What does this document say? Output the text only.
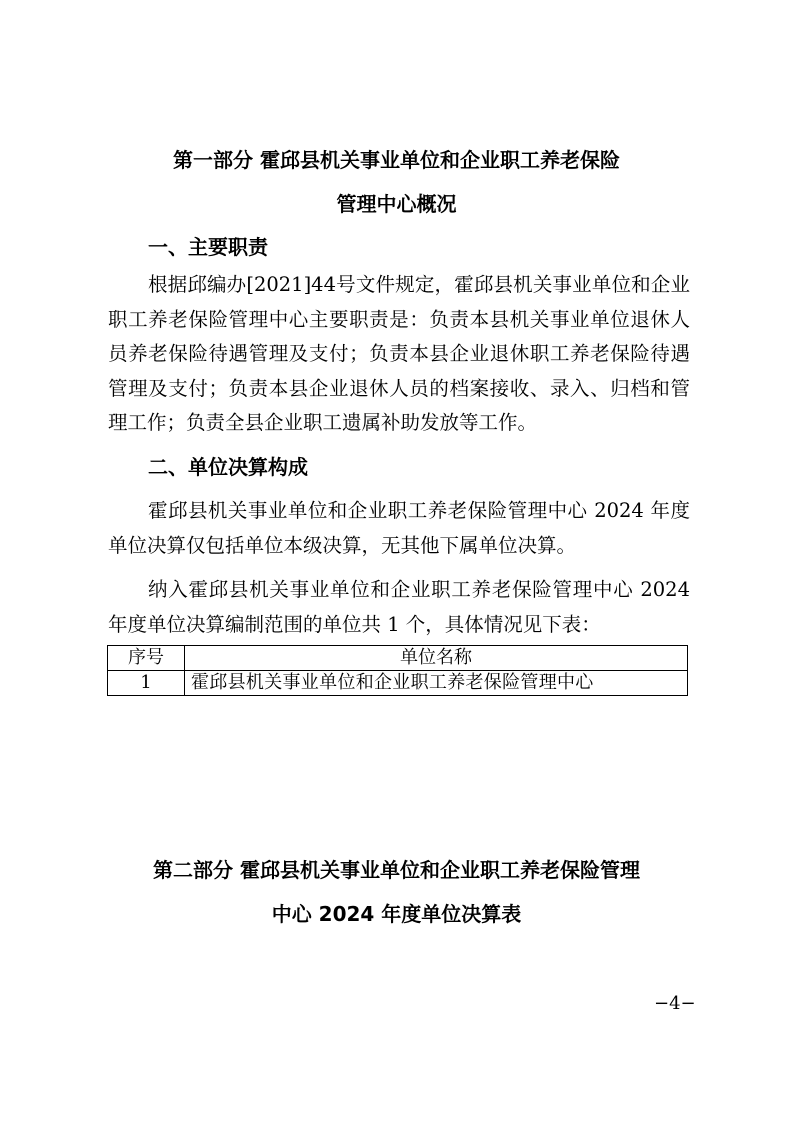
第一部分 霍邱县机关事业单位和企业职工养老保险
管理中心概况
一、主要职责
根据邱编办[2021]44号文件规定，霍邱县机关事业单位和企业职工养老保险管理中心主要职责是：负责本县机关事业单位退休人员养老保险待遇管理及支付；负责本县企业退休职工养老保险待遇管理及支付；负责本县企业退休人员的档案接收、录入、归档和管理工作；负责全县企业职工遗属补助发放等工作。
二、单位决算构成
霍邱县机关事业单位和企业职工养老保险管理中心 2024 年度单位决算仅包括单位本级决算，无其他下属单位决算。
纳入霍邱县机关事业单位和企业职工养老保险管理中心 2024 年度单位决算编制范围的单位共 1 个，具体情况见下表：
序号	单位名称
1	霍邱县机关事业单位和企业职工养老保险管理中心
第二部分 霍邱县机关事业单位和企业职工养老保险管理
中心 2024 年度单位决算表
−4−
